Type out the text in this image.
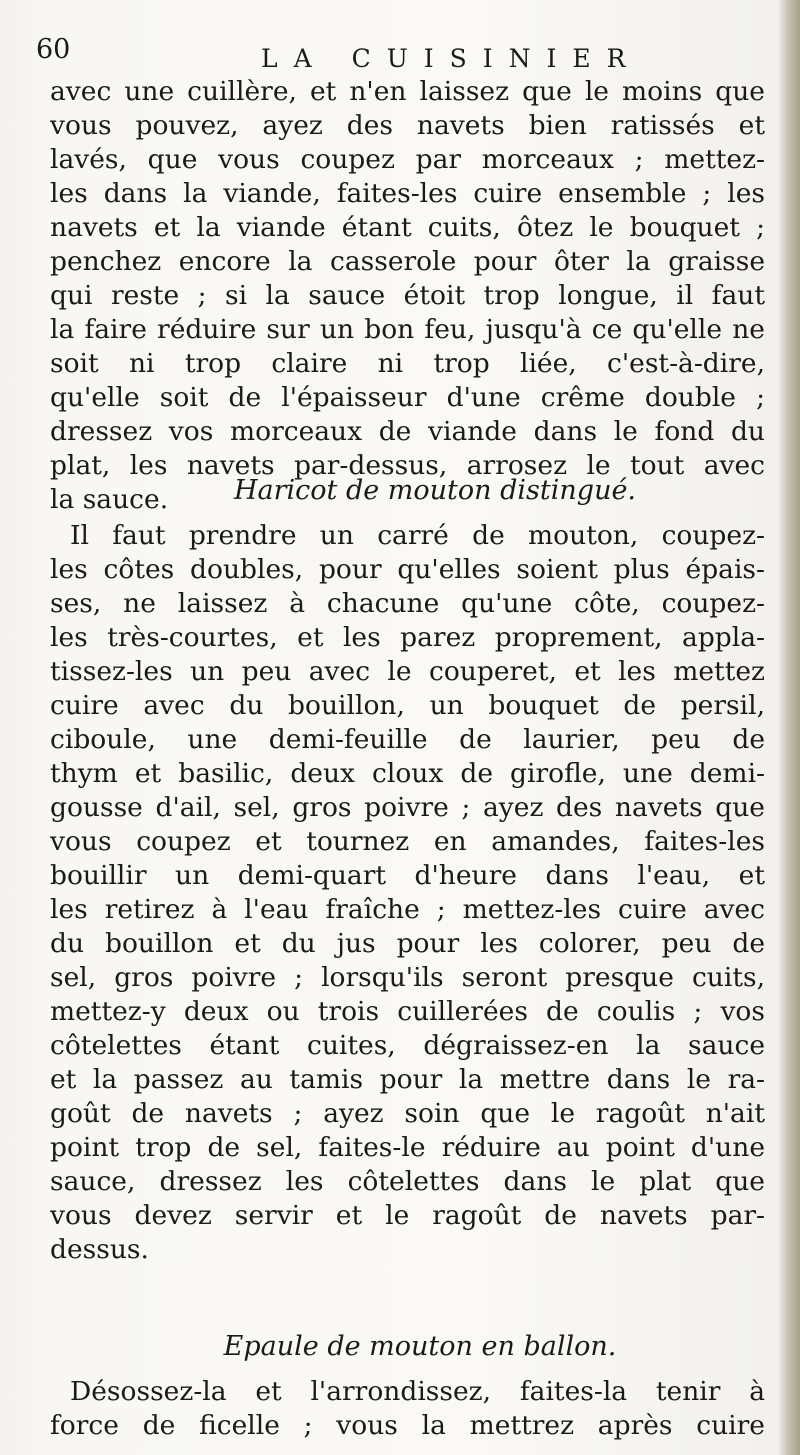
60	LA CUISINIER
avec une cuillère, et n'en laissez que le moins que
vous pouvez, ayez des navets bien ratissés et
lavés, que vous coupez par morceaux ; mettez-
les dans la viande, faites-les cuire ensemble ; les
navets et la viande étant cuits, ôtez le bouquet ;
penchez encore la casserole pour ôter la graisse
qui reste ; si la sauce étoit trop longue, il faut
la faire réduire sur un bon feu, jusqu'à ce qu'elle ne
soit ni trop claire ni trop liée, c'est-à-dire,
qu'elle soit de l'épaisseur d'une crême double ;
dressez vos morceaux de viande dans le fond du
plat, les navets par-dessus, arrosez le tout avec
la sauce.	Haricot de mouton distingué.
Il faut prendre un carré de mouton, coupez-
les côtes doubles, pour qu'elles soient plus épais-
ses, ne laissez à chacune qu'une côte, coupez-
les très-courtes, et les parez proprement, appla-
tissez-les un peu avec le couperet, et les mettez
cuire avec du bouillon, un bouquet de persil,
ciboule, une demi-feuille de laurier, peu de
thym et basilic, deux cloux de girofle, une demi-
gousse d'ail, sel, gros poivre ; ayez des navets que
vous coupez et tournez en amandes, faites-les
bouillir un demi-quart d'heure dans l'eau, et
les retirez à l'eau fraîche ; mettez-les cuire avec
du bouillon et du jus pour les colorer, peu de
sel, gros poivre ; lorsqu'ils seront presque cuits,
mettez-y deux ou trois cuillerées de coulis ; vos
côtelettes étant cuites, dégraissez-en la sauce
et la passez au tamis pour la mettre dans le ra-
goût de navets ; ayez soin que le ragoût n'ait
point trop de sel, faites-le réduire au point d'une
sauce, dressez les côtelettes dans le plat que
vous devez servir et le ragoût de navets par-
dessus.
Epaule de mouton en ballon.
Désossez-la et l'arrondissez, faites-la tenir à
force de ficelle ; vous la mettrez après cuire
